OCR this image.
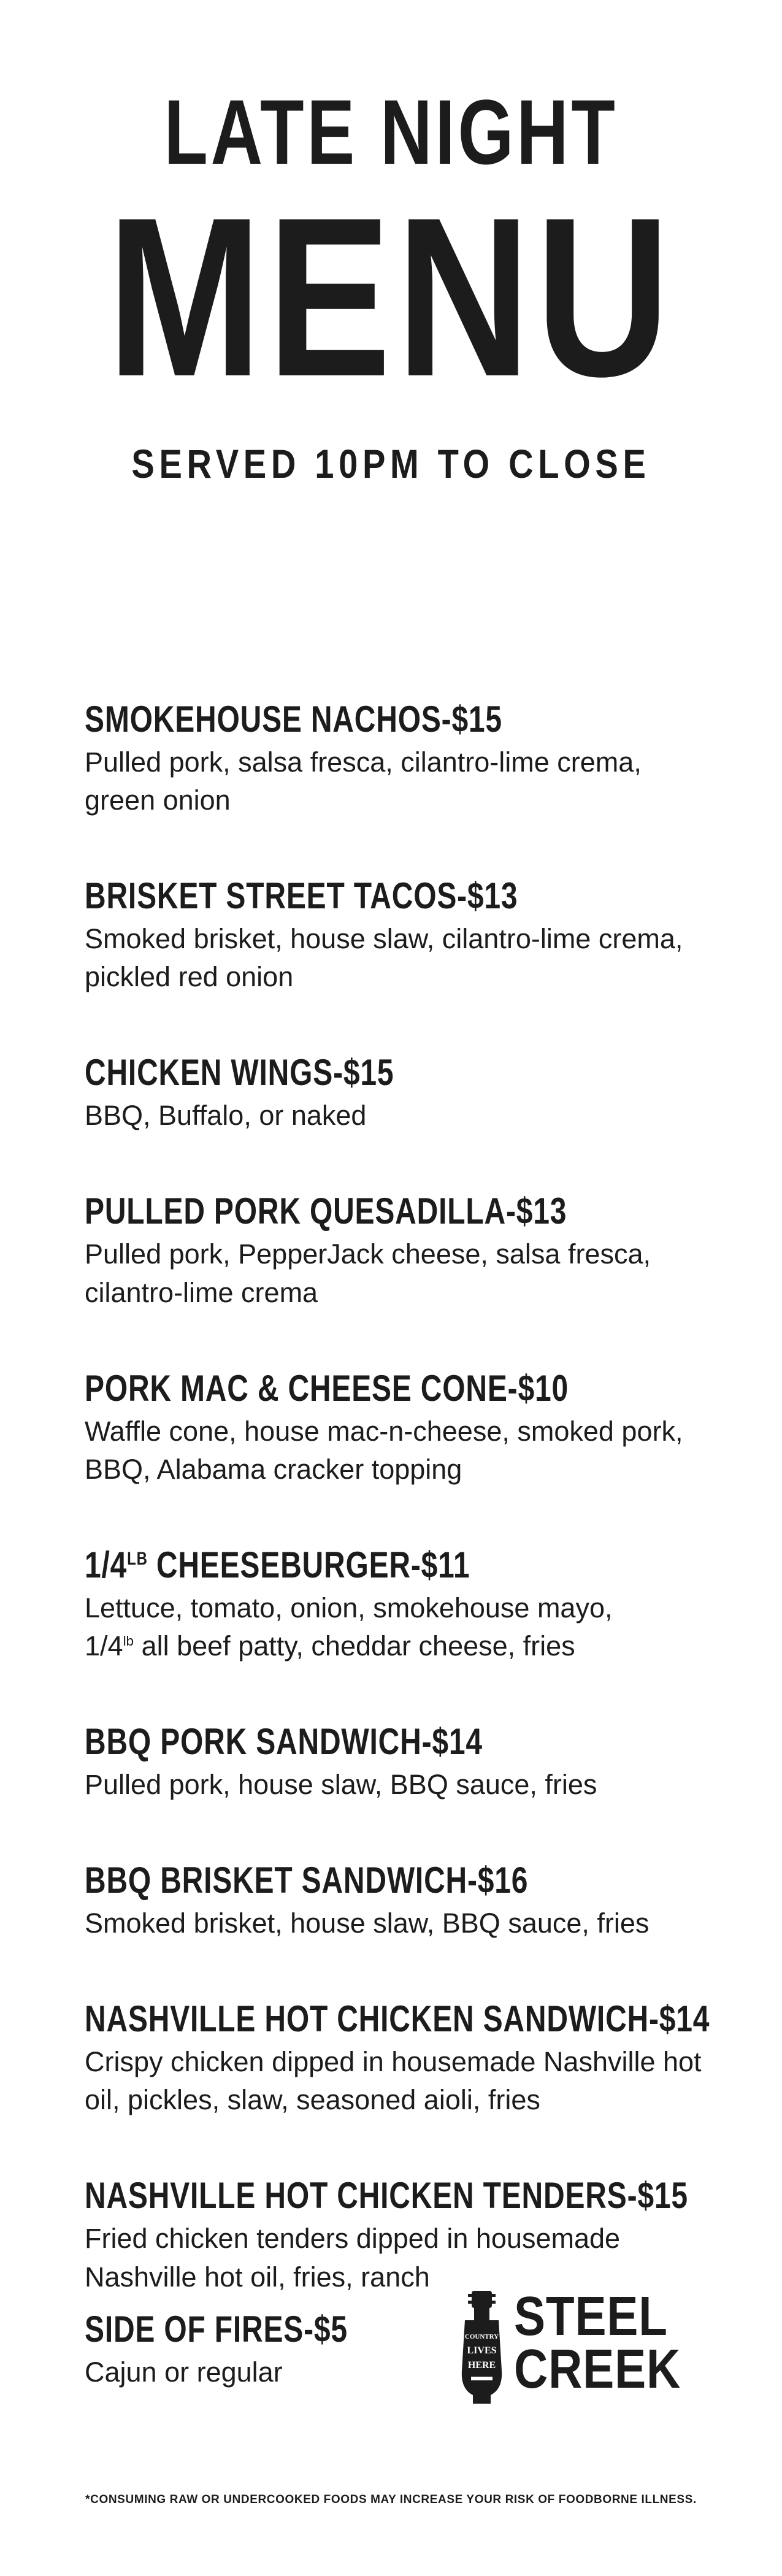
LATE NIGHT
MENU
SERVED 10PM TO CLOSE
SMOKEHOUSE NACHOS-$15
Pulled pork, salsa fresca, cilantro-lime crema, green onion
BRISKET STREET TACOS-$13
Smoked brisket, house slaw, cilantro-lime crema, pickled red onion
CHICKEN WINGS-$15
BBQ, Buffalo, or naked
PULLED PORK QUESADILLA-$13
Pulled pork, PepperJack cheese, salsa fresca, cilantro-lime crema
PORK MAC & CHEESE CONE-$10
Waffle cone, house mac-n-cheese, smoked pork, BBQ, Alabama cracker topping
$1/4^{LB}$ CHEESEBURGER-$11
Lettuce, tomato, onion, smokehouse mayo,
$1/4^{lb}$ all beef patty, cheddar cheese, fries
BBQ PORK SANDWICH-$14
Pulled pork, house slaw, BBQ sauce, fries
BBQ BRISKET SANDWICH-$16
Smoked brisket, house slaw, BBQ sauce, fries
NASHVILLE HOT CHICKEN SANDWICH-$14
Crispy chicken dipped in housemade Nashville hot oil, pickles, slaw, seasoned aioli, fries
NASHVILLE HOT CHICKEN TENDERS-$15
Fried chicken tenders dipped in housemade Nashville hot oil, fries, ranch
SIDE OF FIRES-$5
Cajun or regular
COUNTRY
LIVES
HERE
STEEL
CREEK
*CONSUMING RAW OR UNDERCOOKED FOODS MAY INCREASE YOUR RISK OF FOODBORNE ILLNESS.
